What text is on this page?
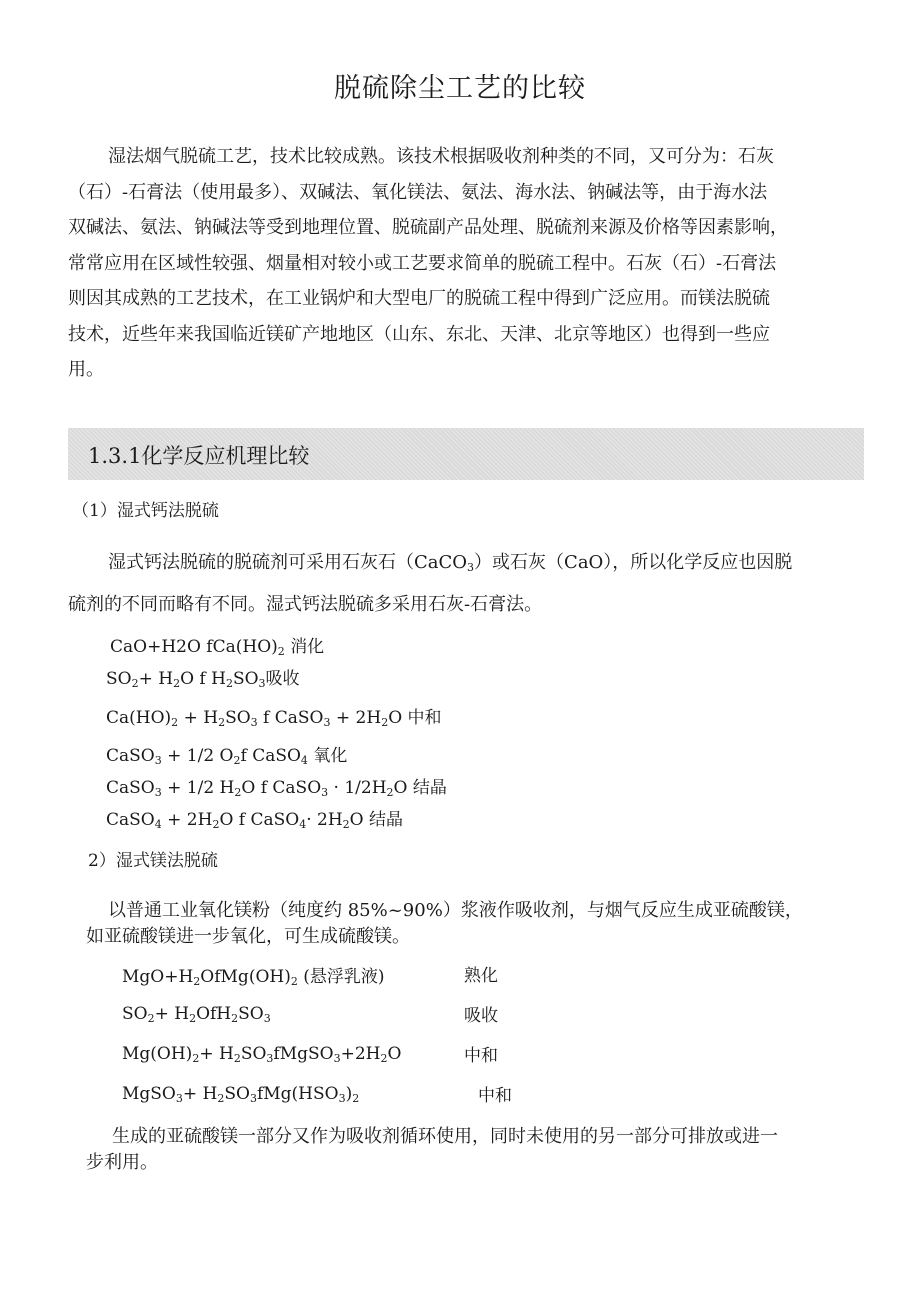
脱硫除尘工艺的比较

湿法烟气脱硫工艺，技术比较成熟。该技术根据吸收剂种类的不同，又可分为：石灰

（石）-石膏法（使用最多）、双碱法、氧化镁法、氨法、海水法、钠碱法等，由于海水法

双碱法、氨法、钠碱法等受到地理位置、脱硫副产品处理、脱硫剂来源及价格等因素影响，

常常应用在区域性较强、烟量相对较小或工艺要求简单的脱硫工程中。石灰（石）-石膏法

则因其成熟的工艺技术，在工业锅炉和大型电厂的脱硫工程中得到广泛应用。而镁法脱硫

技术，近些年来我国临近镁矿产地地区（山东、东北、天津、北京等地区）也得到一些应

用。

1.3.1化学反应机理比较
（1）湿式钙法脱硫
湿式钙法脱硫的脱硫剂可采用石灰石（CaCO$_3$）或石灰（CaO），所以化学反应也因脱
硫剂的不同而略有不同。湿式钙法脱硫多采用石灰-石膏法。
CaO+H2O $fCa(HO)_2$ 消化
$SO_2+ H_2O$ f $H_2SO_3$吸收
$Ca(HO)_2 + H_2SO_3$ f CaSO$_3$ + $2H_2O$ 中和
CaSO$_3$ + 1/2 $O_2f$ CaSO$_4$ 氧化
CaSO$_3$ + 1/2 $H_2O$ f CaSO$_3$ · $1/2H_2O$ 结晶
CaSO$_4$ + $2H_2O$ f CaSO$_4$· $2H_2O$ 结晶
2）湿式镁法脱硫
以普通工业氧化镁粉（纯度约 85%~90%）浆液作吸收剂，与烟气反应生成亚硫酸镁，
如亚硫酸镁进一步氧化，可生成硫酸镁。
$MgO+H_2OfMg(OH)_2$ (悬浮乳液)	熟化
$SO_2+ H_2OfH_2SO_3$	吸收
$Mg(OH)_2+$ $H_2SO_3fMgSO_3+2H_2O$	中和
MgSO$_3$+ $H_2SO_3fMg(HSO_3)_2$	中和
生成的亚硫酸镁一部分又作为吸收剂循环使用，同时未使用的另一部分可排放或进一
步利用。
